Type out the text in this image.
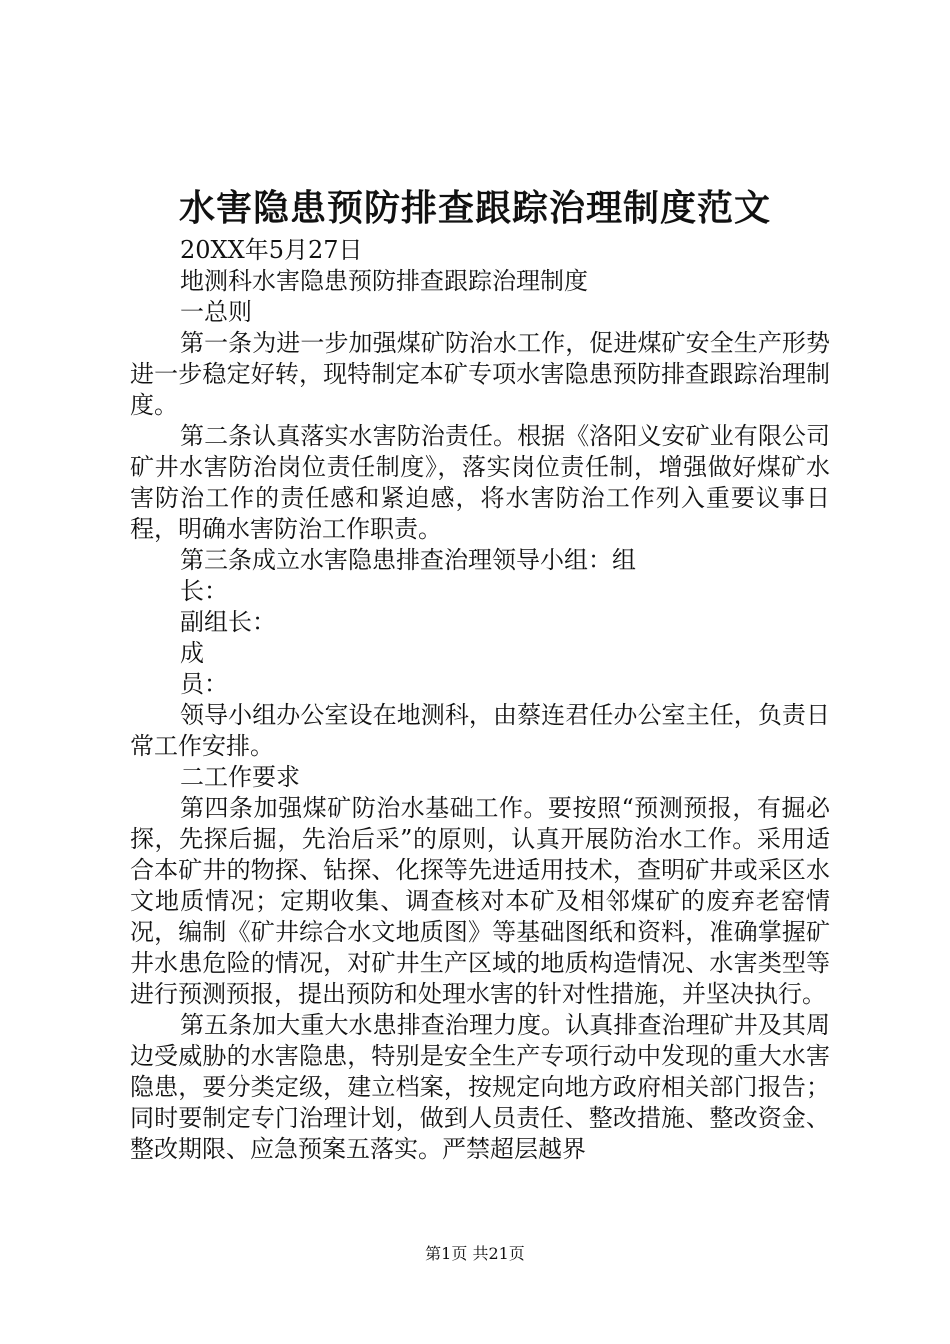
水害隐患预防排查跟踪治理制度范文

20XX年5月27日

地测科水害隐患预防排查跟踪治理制度

一总则

第一条为进一步加强煤矿防治水工作，促进煤矿安全生产形势进一步稳定好转，现特制定本矿专项水害隐患预防排查跟踪治理制度。

第二条认真落实水害防治责任。根据《洛阳义安矿业有限公司矿井水害防治岗位责任制度》，落实岗位责任制，增强做好煤矿水害防治工作的责任感和紧迫感，将水害防治工作列入重要议事日程，明确水害防治工作职责。

第三条成立水害隐患排查治理领导小组：组

长：

副组长：

成

员：

领导小组办公室设在地测科，由蔡连君任办公室主任，负责日常工作安排。

二工作要求

第四条加强煤矿防治水基础工作。要按照“预测预报，有掘必探，先探后掘，先治后采”的原则，认真开展防治水工作。采用适合本矿井的物探、钻探、化探等先进适用技术，查明矿井或采区水文地质情况；定期收集、调查核对本矿及相邻煤矿的废弃老窑情况，编制《矿井综合水文地质图》等基础图纸和资料，准确掌握矿井水患危险的情况，对矿井生产区域的地质构造情况、水害类型等进行预测预报，提出预防和处理水害的针对性措施，并坚决执行。

第五条加大重大水患排查治理力度。认真排查治理矿井及其周边受威胁的水害隐患，特别是安全生产专项行动中发现的重大水害隐患，要分类定级，建立档案，按规定向地方政府相关部门报告；同时要制定专门治理计划，做到人员责任、整改措施、整改资金、整改期限、应急预案五落实。严禁超层越界

第1页 共21页
